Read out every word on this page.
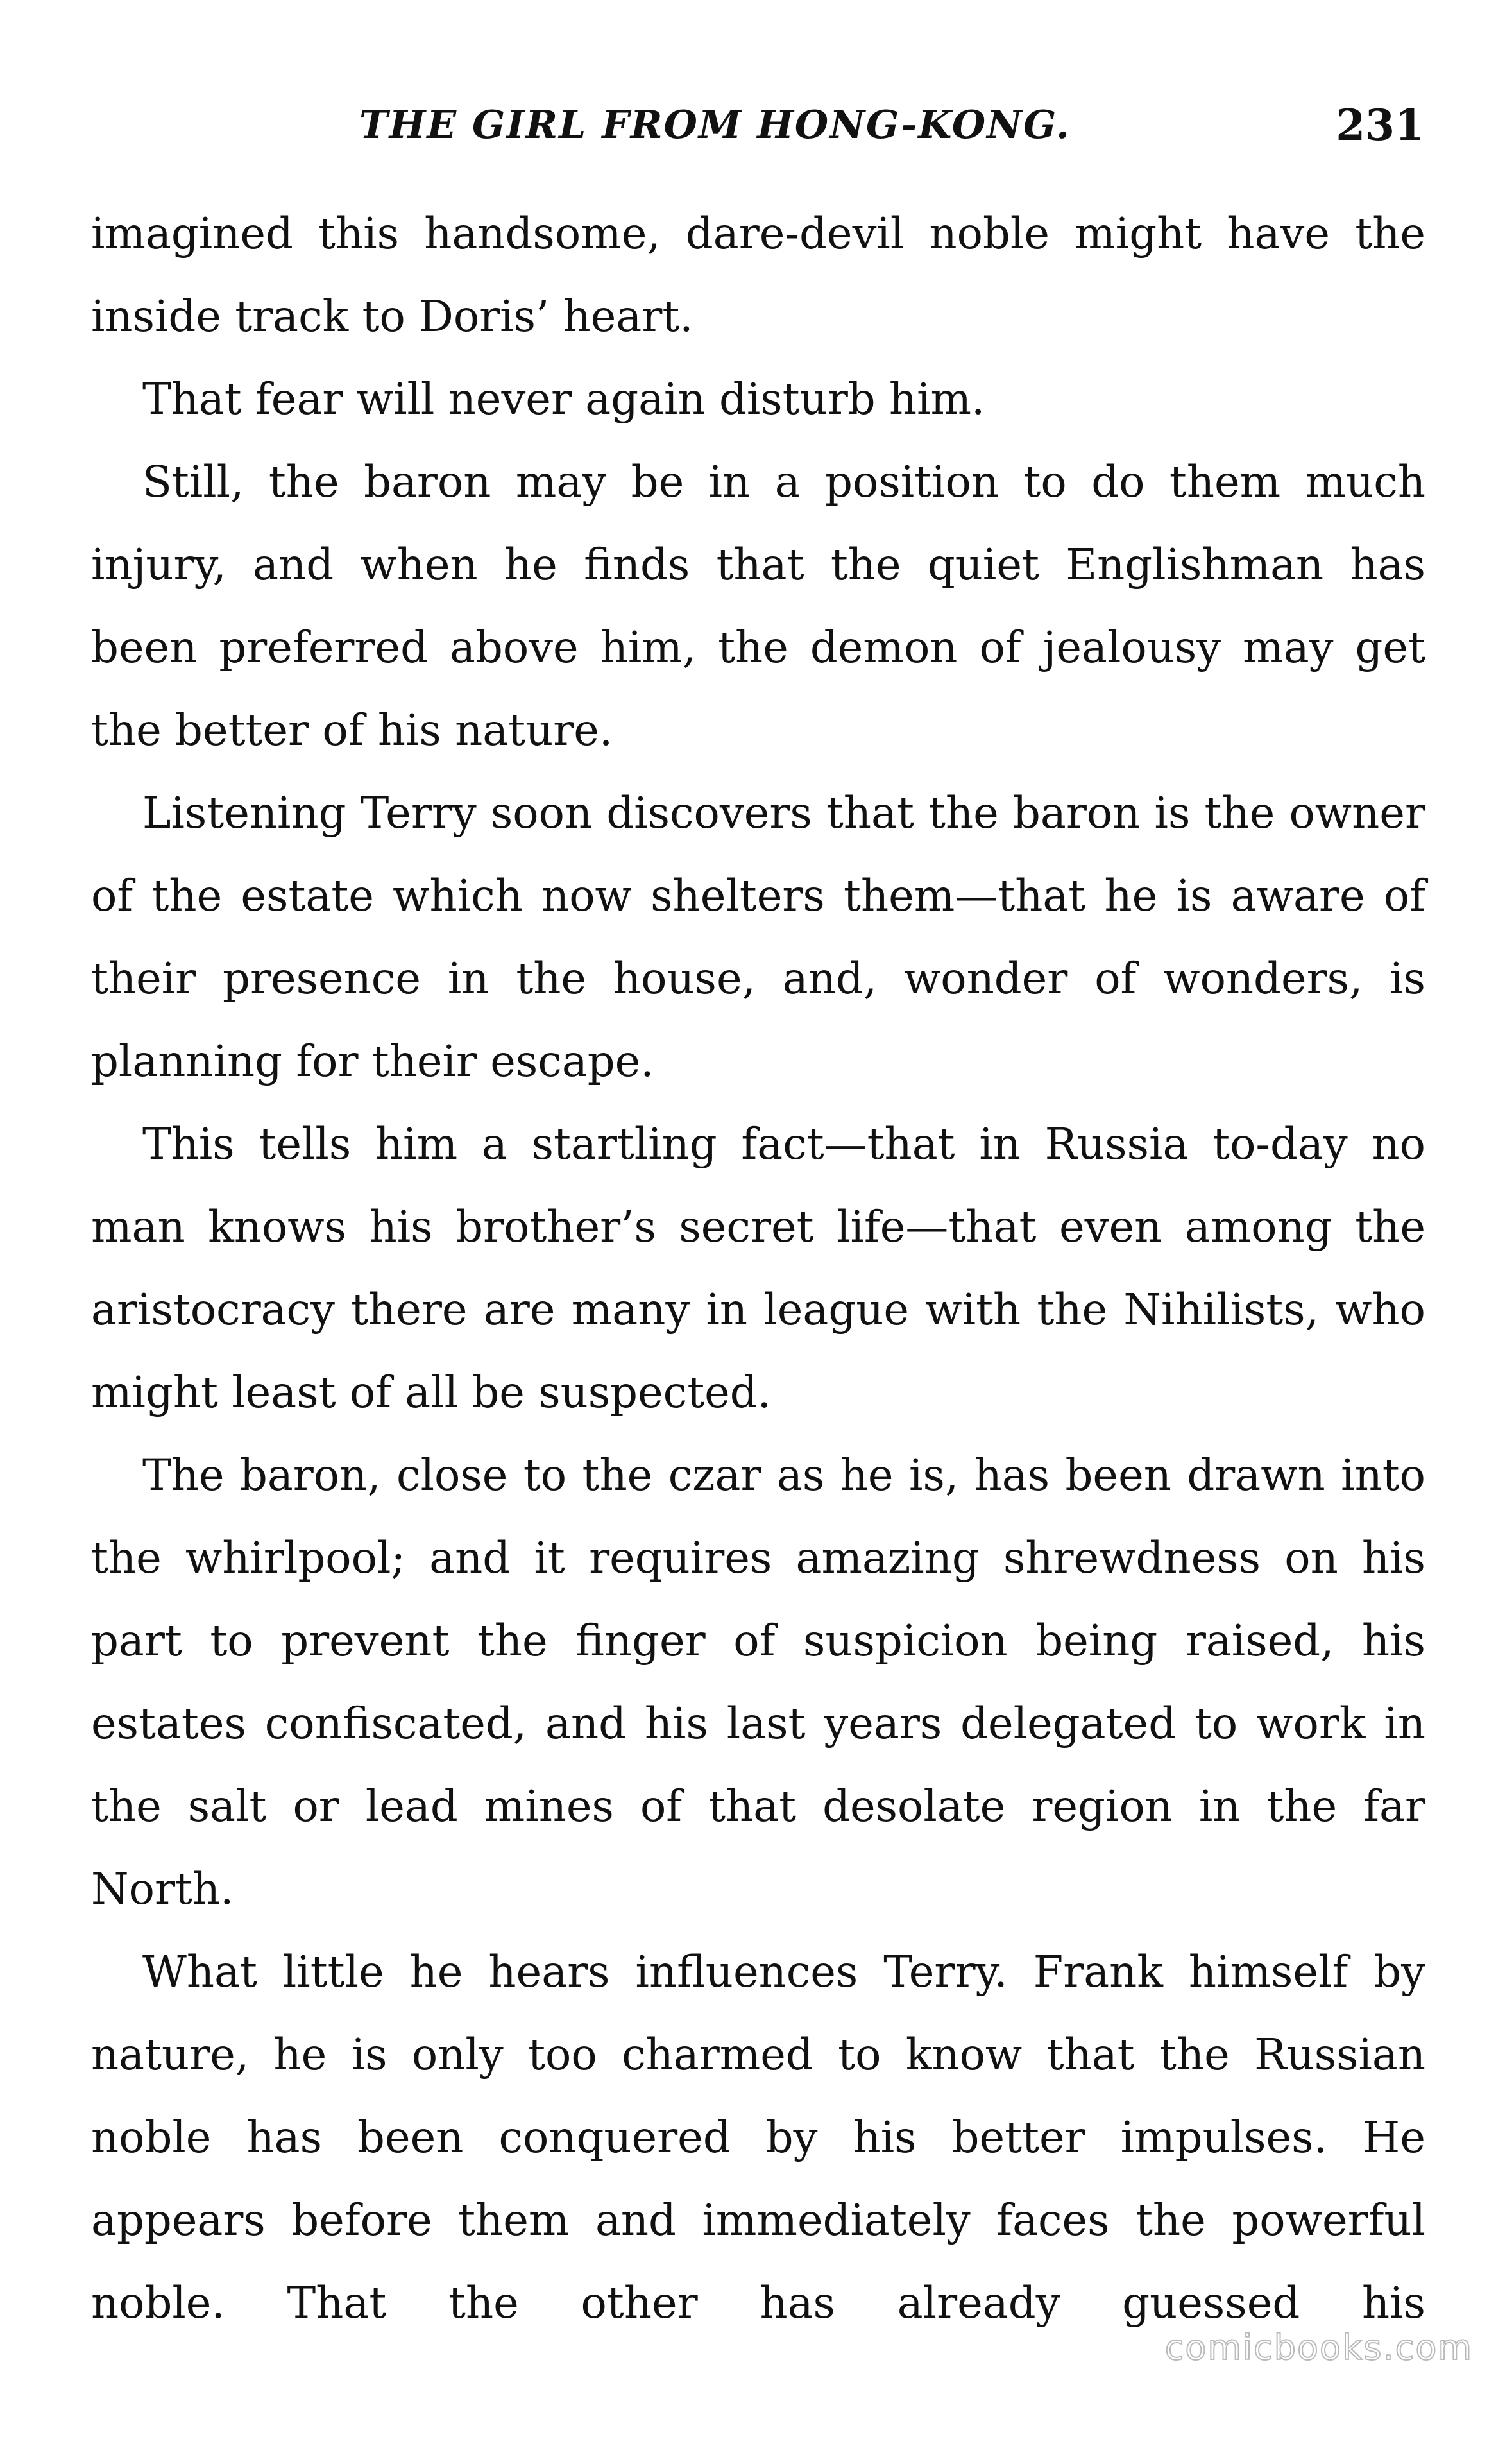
THE GIRL FROM HONG-KONG.	231

imagined this handsome, dare-devil noble might have the inside track to Doris’ heart.

That fear will never again disturb him.

Still, the baron may be in a position to do them much injury, and when he finds that the quiet Englishman has been preferred above him, the demon of jealousy may get the better of his nature.

Listening Terry soon discovers that the baron is the owner of the estate which now shelters them—that he is aware of their presence in the house, and, wonder of wonders, is planning for their escape.

This tells him a startling fact—that in Russia to-day no man knows his brother’s secret life—that even among the aristocracy there are many in league with the Nihilists, who might least of all be suspected.

The baron, close to the czar as he is, has been drawn into the whirlpool; and it requires amazing shrewdness on his part to prevent the finger of suspicion being raised, his estates confiscated, and his last years delegated to work in the salt or lead mines of that desolate region in the far North.

What little he hears influences Terry. Frank himself by nature, he is only too charmed to know that the Russian noble has been conquered by his better impulses. He appears before them and immediately faces the powerful noble. That the other has already guessed his

comicbooks.com
